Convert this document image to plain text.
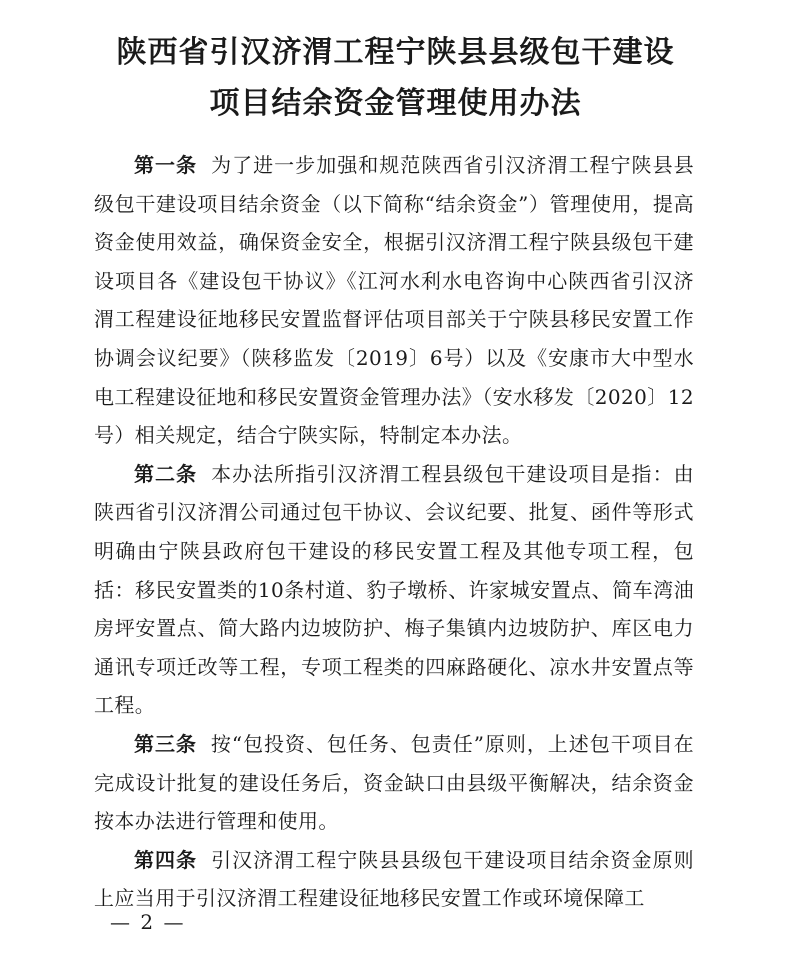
陕西省引汉济渭工程宁陕县县级包干建设
项目结余资金管理使用办法

第一条 为了进一步加强和规范陕西省引汉济渭工程宁陕县县级包干建设项目结余资金（以下简称“结余资金”）管理使用，提高资金使用效益，确保资金安全，根据引汉济渭工程宁陕县级包干建设项目各《建设包干协议》《江河水利水电咨询中心陕西省引汉济渭工程建设征地移民安置监督评估项目部关于宁陕县移民安置工作协调会议纪要》（陕移监发〔2019〕6号）以及《安康市大中型水电工程建设征地和移民安置资金管理办法》（安水移发〔2020〕12号）相关规定，结合宁陕实际，特制定本办法。

第二条 本办法所指引汉济渭工程县级包干建设项目是指：由陕西省引汉济渭公司通过包干协议、会议纪要、批复、函件等形式明确由宁陕县政府包干建设的移民安置工程及其他专项工程，包括：移民安置类的10条村道、豹子墩桥、许家城安置点、简车湾油房坪安置点、简大路内边坡防护、梅子集镇内边坡防护、库区电力通讯专项迁改等工程，专项工程类的四麻路硬化、凉水井安置点等工程。

第三条 按“包投资、包任务、包责任”原则，上述包干项目在完成设计批复的建设任务后，资金缺口由县级平衡解决，结余资金按本办法进行管理和使用。

第四条 引汉济渭工程宁陕县县级包干建设项目结余资金原则上应当用于引汉济渭工程建设征地移民安置工作或环境保障工

— 2 —
